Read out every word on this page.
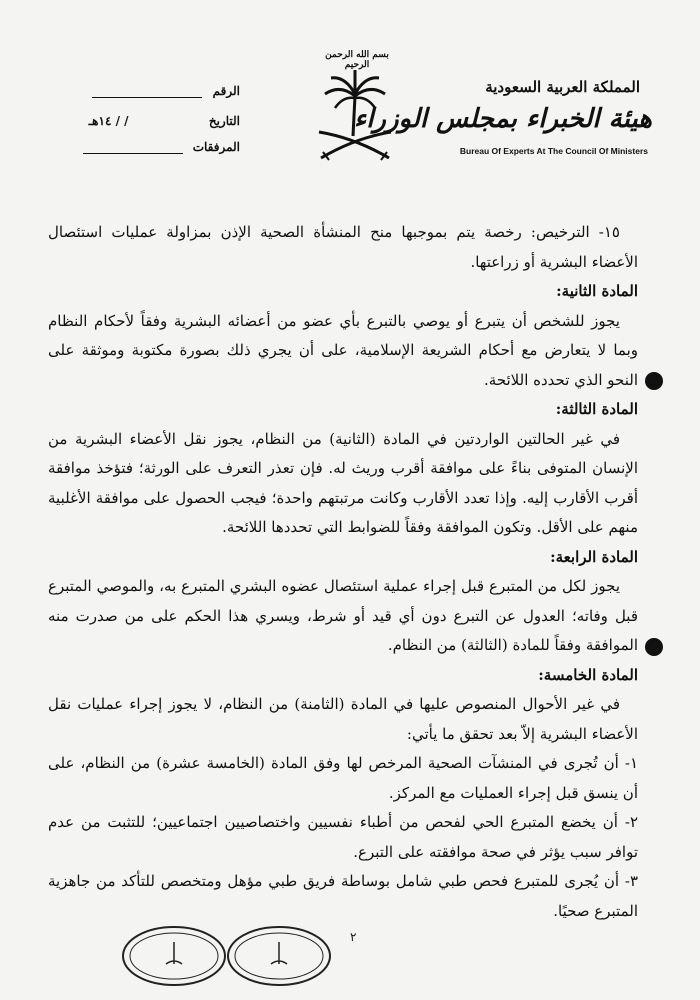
بسم الله الرحمن الرحيم
المملكة العربية السعودية
هيئة الخبراء بمجلس الوزراء
Bureau Of Experts At The Council Of Ministers
الرقم
التاريخ / / ١٤هـ
المرفقات

١٥- الترخيص: رخصة يتم بموجبها منح المنشأة الصحية الإذن بمزاولة عمليات استئصال الأعضاء البشرية أو زراعتها.

المادة الثانية:

يجوز للشخص أن يتبرع أو يوصي بالتبرع بأي عضو من أعضائه البشرية وفقاً لأحكام النظام وبما لا يتعارض مع أحكام الشريعة الإسلامية، على أن يجري ذلك بصورة مكتوبة وموثقة على النحو الذي تحدده اللائحة.

المادة الثالثة:

في غير الحالتين الواردتين في المادة (الثانية) من النظام، يجوز نقل الأعضاء البشرية من الإنسان المتوفى بناءً على موافقة أقرب وريث له. فإن تعذر التعرف على الورثة؛ فتؤخذ موافقة أقرب الأقارب إليه. وإذا تعدد الأقارب وكانت مرتبتهم واحدة؛ فيجب الحصول على موافقة الأغلبية منهم على الأقل. وتكون الموافقة وفقاً للضوابط التي تحددها اللائحة.

المادة الرابعة:

يجوز لكل من المتبرع قبل إجراء عملية استئصال عضوه البشري المتبرع به، والموصي المتبرع قبل وفاته؛ العدول عن التبرع دون أي قيد أو شرط، ويسري هذا الحكم على من صدرت منه الموافقة وفقاً للمادة (الثالثة) من النظام.

المادة الخامسة:

في غير الأحوال المنصوص عليها في المادة (الثامنة) من النظام، لا يجوز إجراء عمليات نقل الأعضاء البشرية إلاّ بعد تحقق ما يأتي:

١- أن تُجرى في المنشآت الصحية المرخص لها وفق المادة (الخامسة عشرة) من النظام، على أن ينسق قبل إجراء العمليات مع المركز.

٢- أن يخضع المتبرع الحي لفحص من أطباء نفسيين واختصاصيين اجتماعيين؛ للتثبت من عدم توافر سبب يؤثر في صحة موافقته على التبرع.

٣- أن يُجرى للمتبرع فحص طبي شامل بوساطة فريق طبي مؤهل ومتخصص للتأكد من جاهزية المتبرع صحيًا.

٢
